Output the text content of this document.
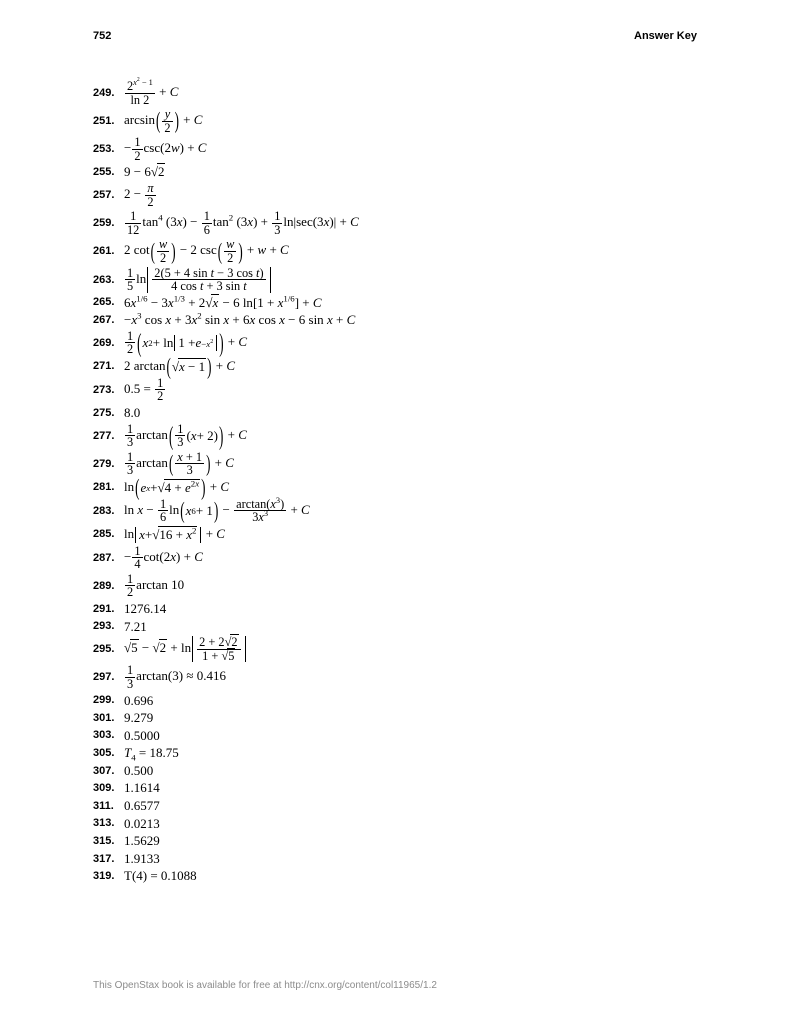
752	Answer Key
249. $\frac{2^{x^2 - 1}}{\ln 2} + C$
251. arcsin ( y
2 ) + C
253. − $\frac{1}{2} \csc(2w) + C$
255. 9 − 6√2
257. $2 - \frac{\pi}{2}$
259. $\frac{1}{12} \tan^4 (3x) - \frac{1}{6} \tan^2 (3x) + \frac{1}{3} \ln|\sec(3x)| + C$
261. 2 cot ( w
2 ) − 2 csc ( w
2 ) + w + C
263. $\frac{1}{5}$ ln 2(5 + 4 sin t − 3 cos t)
4 cos t + 3 sin t
265. $6x^{1/6} - 3x^{1/3} + 2√x - 6$ $\ln[1 + x^{1/6}] + C$
267. $-x^3$ $\cos x + 3x^2$ sin x + 6x cos x − 6 sin x + C
269. $\frac{1}{2}$ ( x $2 + \ln 1 + e -x^2$ ) + C
271. 2 arctan ( √x − 1 ) + C
273. $0.5 = \frac{1}{2}$
275. 8.0
277. $\frac{1}{3}$ arctan ( 1
3 ( x + 2) ) + C
279. $\frac{1}{3}$ arctan ( x + 1
3	) + C
281. ln ( e $x + √4 + e^{2x}$ ) + C
283. $\ln x - \frac{1}{6}$ ln ( x 6 + 1 ) − $\frac{\arctan(x^3)}{3x^3} + C$
285. $\ln x + √16 + x^2 + C$
287. − $\frac{1}{4} \cot(2x) + C$
289. $\frac{1}{2}$ arctan 10
291. 1276.14
293. 7.21
295. √5 − √2 + ln 2 + 2√2
1 + √5
297. $\frac{1}{3} \arctan(3) \approx 0.416$
299. 0.696
301. 9.279
303. 0.5000
305. $T_4 = 18.75$
307. 0.500
309. 1.1614
311. 0.6577
313. 0.0213
315. 1.5629
317. 1.9133
319. T(4) = 0.1088
This OpenStax book is available for free at http://cnx.org/content/col11965/1.2
